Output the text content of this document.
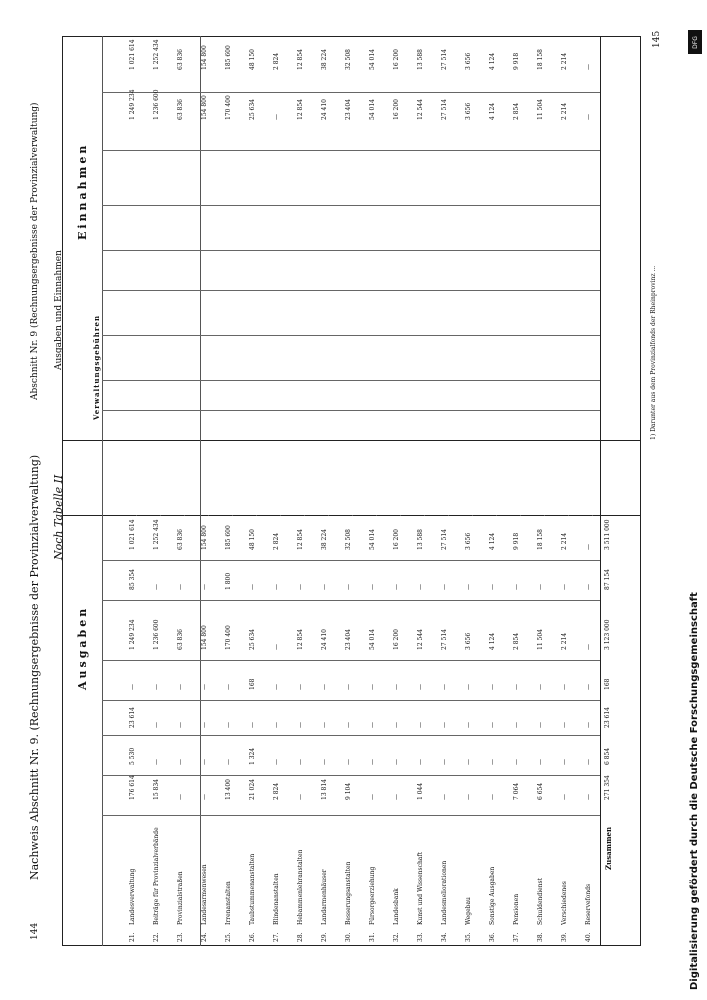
144
145
Nachweis Abschnitt Nr. 9. (Rechnungsergebnisse der Provinzialverwaltung) Noch Tabelle II
Abschnitt Nr. 9 (Rechnungsergebnisse der Provinzialverwaltung) Ausgaben und Einnahmen
Ausgaben
Einnahmen
Verwaltungsgebühren
21.
Landesverwaltung
176 614
5 530
23 614
—
1 249 234
85 354
1 021 614
1 249 234
1 021 614
22.
Beiträge für Provinzialverbände
15 834
—
—
—
1 236 600
—
1 252 434
1 236 600
1 252 434
23.
Provinzialstraßen
—
—
—
—
63 836
—
63 836
63 836
63 836
24.
Landesarmenwesen
—
—
—
—
154 800
—
154 800
154 800
154 800
25.
Irrenanstalten
13 400
—
—
—
170 400
1 800
185 600
170 400
185 600
26.
Taubstummenanstalten
21 024
1 324
—
168
25 634
—
48 150
25 634
48 150
27.
Blindenanstalten
2 824
—
—
—
—
—
2 824
—
2 824
28.
Hebammenlehranstalten
—
—
—
—
12 854
—
12 854
12 854
12 854
29.
Landarmenhäuser
13 814
—
—
—
24 410
—
38 224
24 410
38 224
30.
Besserungsanstalten
9 104
—
—
—
23 404
—
32 508
23 404
32 508
31.
Fürsorgeerziehung
—
—
—
—
54 014
—
54 014
54 014
54 014
32.
Landesbank
—
—
—
—
16 200
—
16 200
16 200
16 200
33.
Kunst und Wissenschaft
1 044
—
—
—
12 544
—
13 588
12 544
13 588
34.
Landesmeliorationen
—
—
—
—
27 514
—
27 514
27 514
27 514
35.
Wegebau
—
—
—
—
3 656
—
3 656
3 656
3 656
36.
Sonstige Ausgaben
—
—
—
—
4 124
—
4 124
4 124
4 124
37.
Pensionen
7 064
—
—
—
2 854
—
9 918
2 854
9 918
38.
Schuldendienst
6 654
—
—
—
11 504
—
18 158
11 504
18 158
39.
Verschiedenes
—
—
—
—
2 214
—
2 214
2 214
2 214
40.
Reservefonds
—
—
—
—
—
—
—
—
—
Zusammen
271 354
6 854
23 614
168
3 123 000
87 154
3 511 000
1) Darunter aus dem Provinzialfonds der Rheinprovinz ...
Digitalisierung gefördert durch die Deutsche Forschungsgemeinschaft
DFG
